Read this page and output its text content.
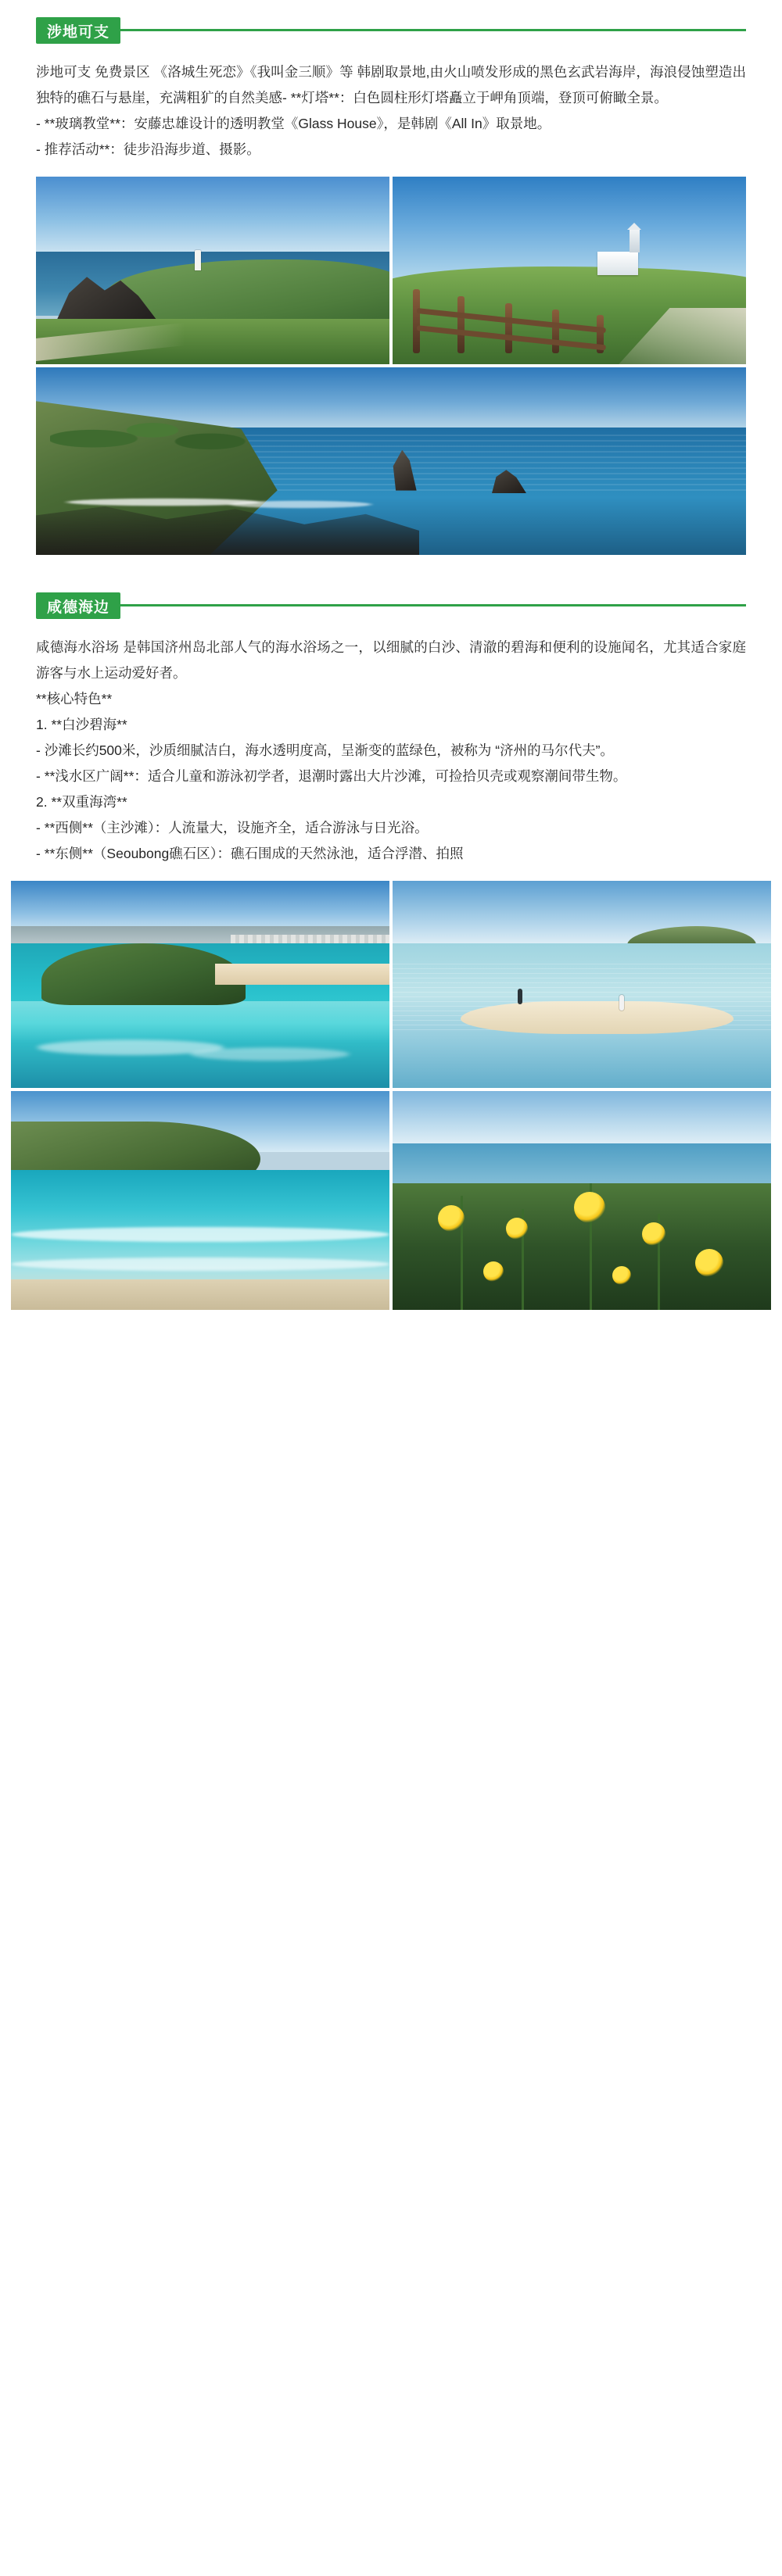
涉地可支

涉地可支 免费景区 《洛城生死恋》《我叫金三顺》等 韩剧取景地,由火山喷发形成的黑色玄武岩海岸，海浪侵蚀塑造出独特的礁石与悬崖，充满粗犷的自然美感- **灯塔**：白色圆柱形灯塔矗立于岬角顶端，登顶可俯瞰全景。

- **玻璃教堂**：安藤忠雄设计的透明教堂《Glass House》，是韩剧《All In》取景地。

- 推荐活动**：徒步沿海步道、摄影。

咸德海边

咸德海水浴场 是韩国济州岛北部人气的海水浴场之一，以细腻的白沙、清澈的碧海和便利的设施闻名，尤其适合家庭游客与水上运动爱好者。

**核心特色**

1. **白沙碧海**

- 沙滩长约500米，沙质细腻洁白，海水透明度高，呈渐变的蓝绿色，被称为 “济州的马尔代夫”。

- **浅水区广阔**：适合儿童和游泳初学者，退潮时露出大片沙滩，可捡拾贝壳或观察潮间带生物。

2. **双重海湾**

- **西侧**（主沙滩）：人流量大，设施齐全，适合游泳与日光浴。

- **东侧**（Seoubong礁石区）：礁石围成的天然泳池，适合浮潜、拍照
